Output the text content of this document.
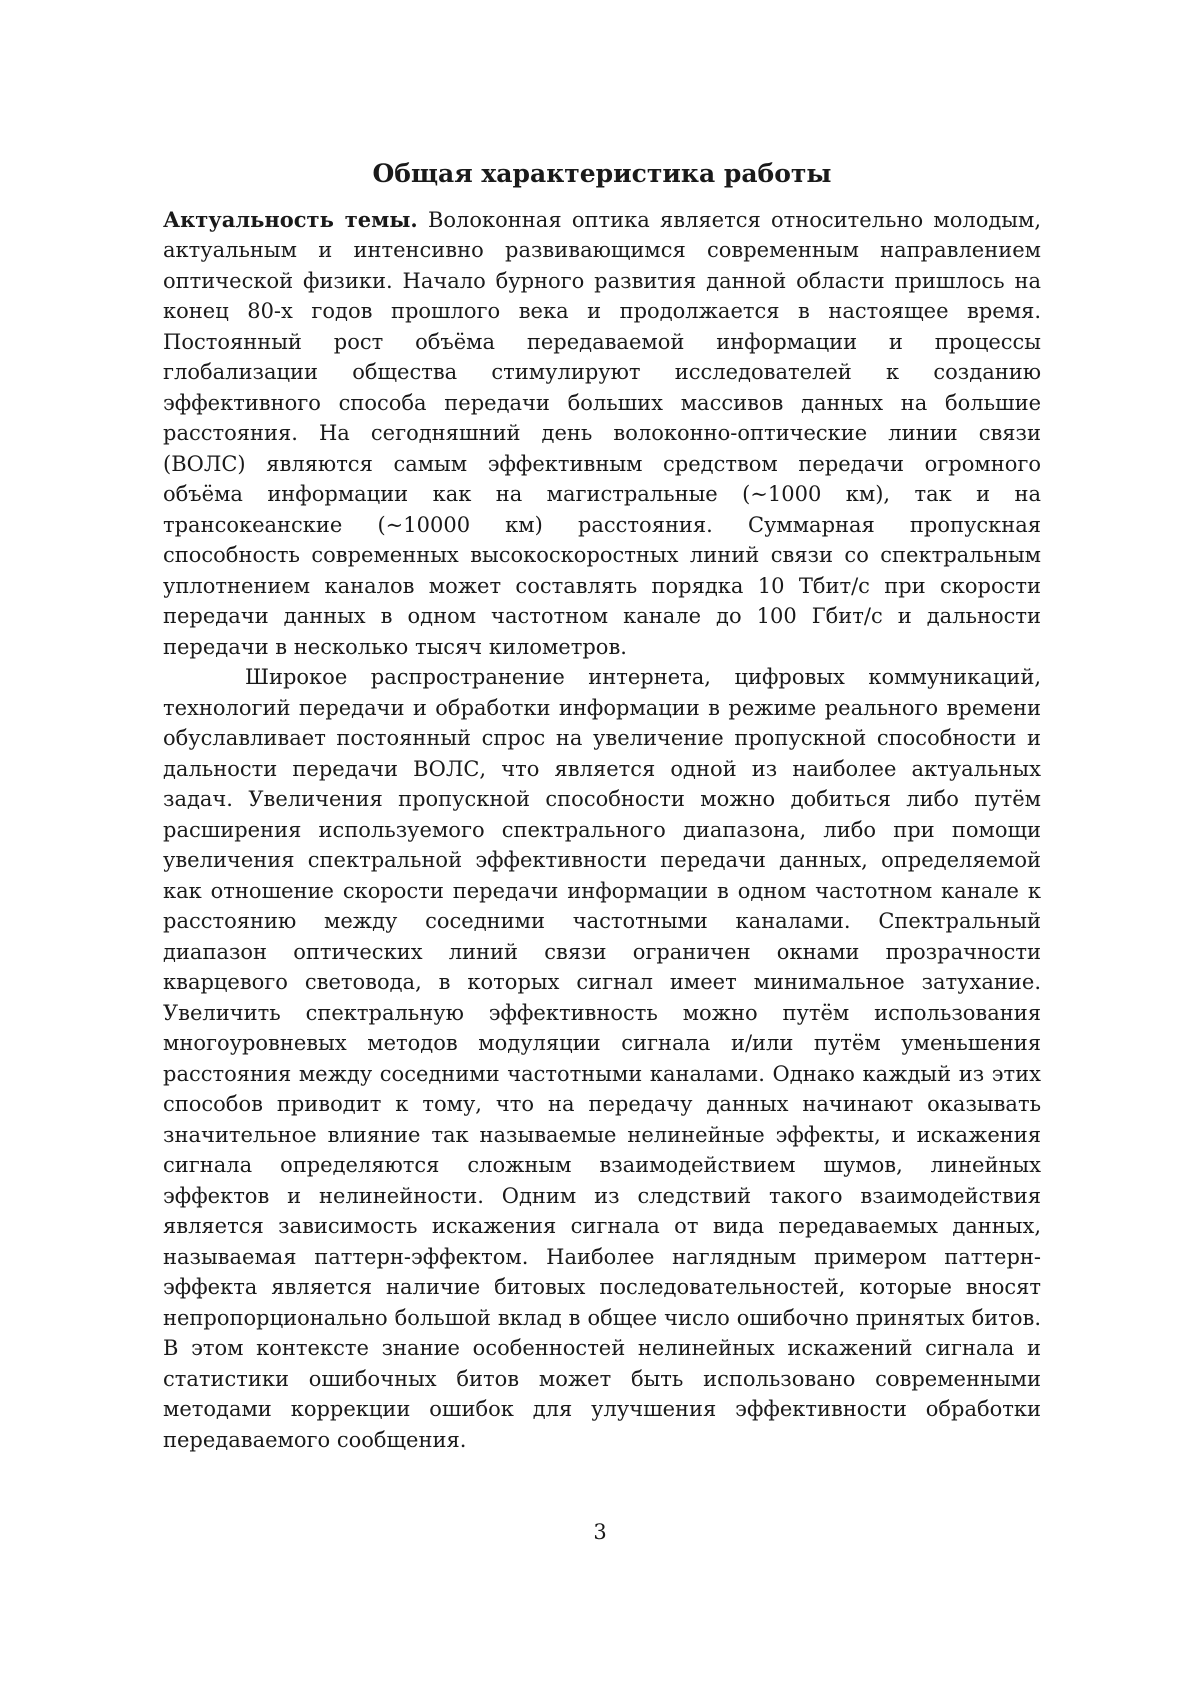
Общая характеристика работы

Актуальность темы. Волоконная оптика является относительно молодым, актуальным и интенсивно развивающимся современным направлением оптической физики. Начало бурного развития данной области пришлось на конец 80-х годов прошлого века и продолжается в настоящее время. Постоянный рост объёма передаваемой информации и процессы глобализации общества стимулируют исследователей к созданию эффективного способа передачи больших массивов данных на большие расстояния. На сегодняшний день волоконно-оптические линии связи (ВОЛС) являются самым эффективным средством передачи огромного объёма информации как на магистральные (∼1000 км), так и на трансокеанские (∼10000 км) расстояния. Суммарная пропускная способность современных высокоскоростных линий связи со спектральным уплотнением каналов может составлять порядка 10 Тбит/с при скорости передачи данных в одном частотном канале до 100 Гбит/с и дальности передачи в несколько тысяч километров.

Широкое распространение интернета, цифровых коммуникаций, технологий передачи и обработки информации в режиме реального времени обуславливает постоянный спрос на увеличение пропускной способности и дальности передачи ВОЛС, что является одной из наиболее актуальных задач. Увеличения пропускной способности можно добиться либо путём расширения используемого спектрального диапазона, либо при помощи увеличения спектральной эффективности передачи данных, определяемой как отношение скорости передачи информации в одном частотном канале к расстоянию между соседними частотными каналами. Спектральный диапазон оптических линий связи ограничен окнами прозрачности кварцевого световода, в которых сигнал имеет минимальное затухание. Увеличить спектральную эффективность можно путём использования многоуровневых методов модуляции сигнала и/или путём уменьшения расстояния между соседними частотными каналами. Однако каждый из этих способов приводит к тому, что на передачу данных начинают оказывать значительное влияние так называемые нелинейные эффекты, и искажения сигнала определяются сложным взаимодействием шумов, линейных эффектов и нелинейности. Одним из следствий такого взаимодействия является зависимость искажения сигнала от вида передаваемых данных, называемая паттерн-эффектом. Наиболее наглядным примером паттерн-эффекта является наличие битовых последовательностей, которые вносят непропорционально большой вклад в общее число ошибочно принятых битов. В этом контексте знание особенностей нелинейных искажений сигнала и статистики ошибочных битов может быть использовано современными методами коррекции ошибок для улучшения эффективности обработки передаваемого сообщения.

3
